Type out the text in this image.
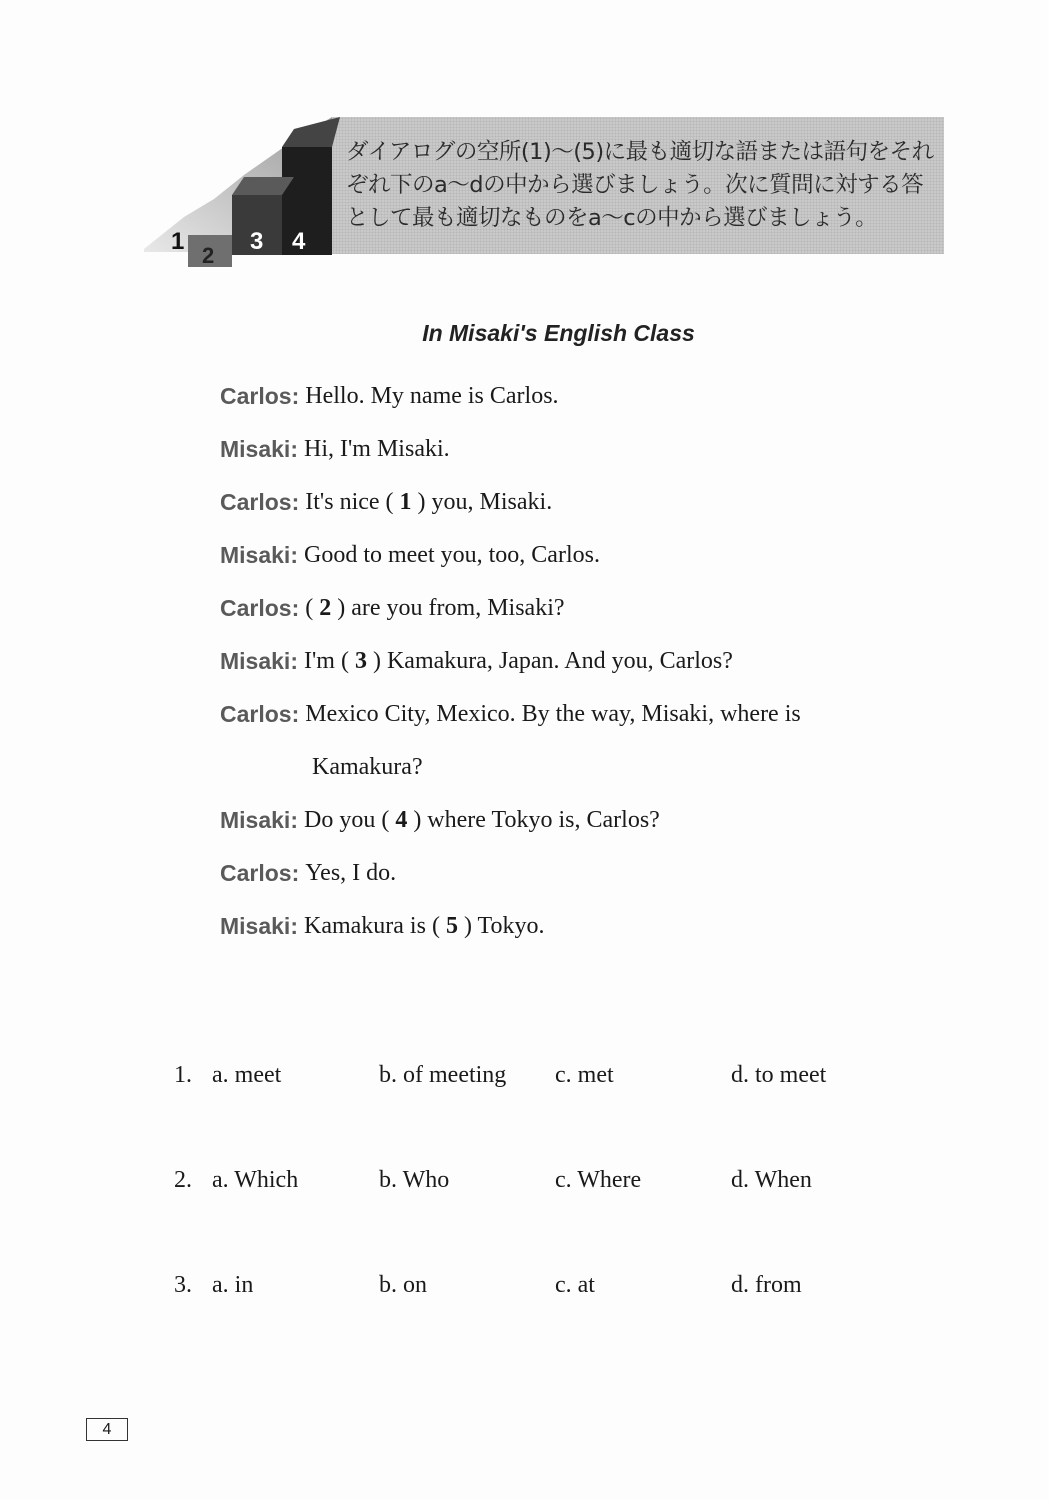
1
2
3 4
ダイアログの空所(1)～(5)に最も適切な語または語句をそれぞれ下のa～dの中から選びましょう。次に質問に対する答として最も適切なものをa～cの中から選びましょう。
In Misaki's English Class
Carlos: Hello. My name is Carlos.
Misaki: Hi, I'm Misaki.
Carlos: It's nice ( 1 ) you, Misaki.
Misaki: Good to meet you, too, Carlos.
Carlos: ( 2 ) are you from, Misaki?
Misaki: I'm ( 3 ) Kamakura, Japan. And you, Carlos?
Carlos: Mexico City, Mexico. By the way, Misaki, where is
Kamakura?
Misaki: Do you ( 4 ) where Tokyo is, Carlos?
Carlos: Yes, I do.
Misaki: Kamakura is ( 5 ) Tokyo.
1. a. meet	b. of meeting c. met	d. to meet
2. a. Which	b. Who	c. Where	d. When
3. a. in	b. on	c. at	d. from
4
